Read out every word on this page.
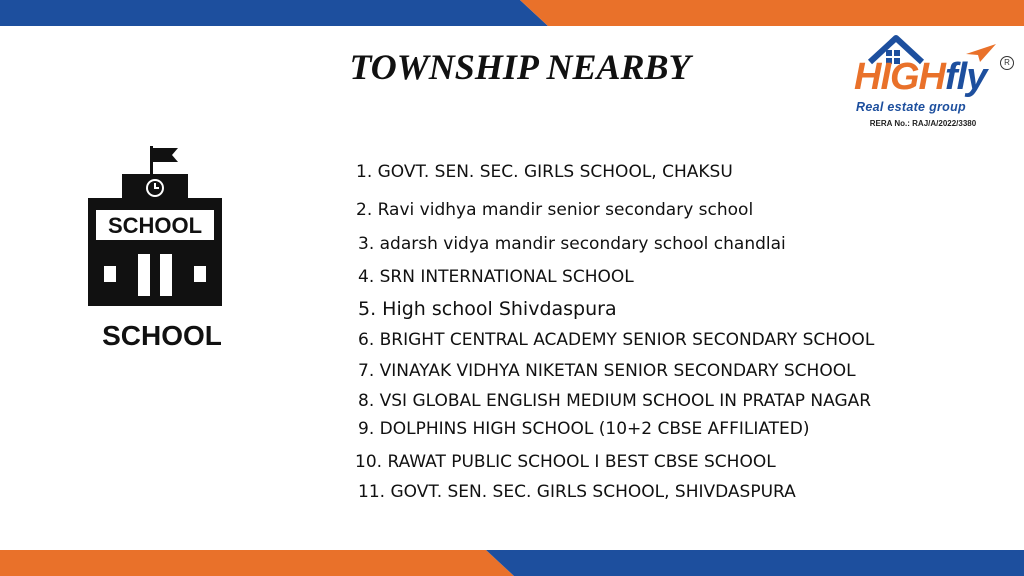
TOWNSHIP NEARBY	HIGHfly	R
Real estate group
RERA No.: RAJ/A/2022/3380
SCHOOL
SCHOOL
1. GOVT. SEN. SEC. GIRLS SCHOOL, CHAKSU
2. Ravi vidhya mandir senior secondary school
3. adarsh vidya mandir secondary school chandlai
4. SRN INTERNATIONAL SCHOOL
5. High school Shivdaspura
6. BRIGHT CENTRAL ACADEMY SENIOR SECONDARY SCHOOL
7. VINAYAK VIDHYA NIKETAN SENIOR SECONDARY SCHOOL
8. VSI GLOBAL ENGLISH MEDIUM SCHOOL IN PRATAP NAGAR
9. DOLPHINS HIGH SCHOOL (10+2 CBSE AFFILIATED)
10. RAWAT PUBLIC SCHOOL I BEST CBSE SCHOOL
11. GOVT. SEN. SEC. GIRLS SCHOOL, SHIVDASPURA
